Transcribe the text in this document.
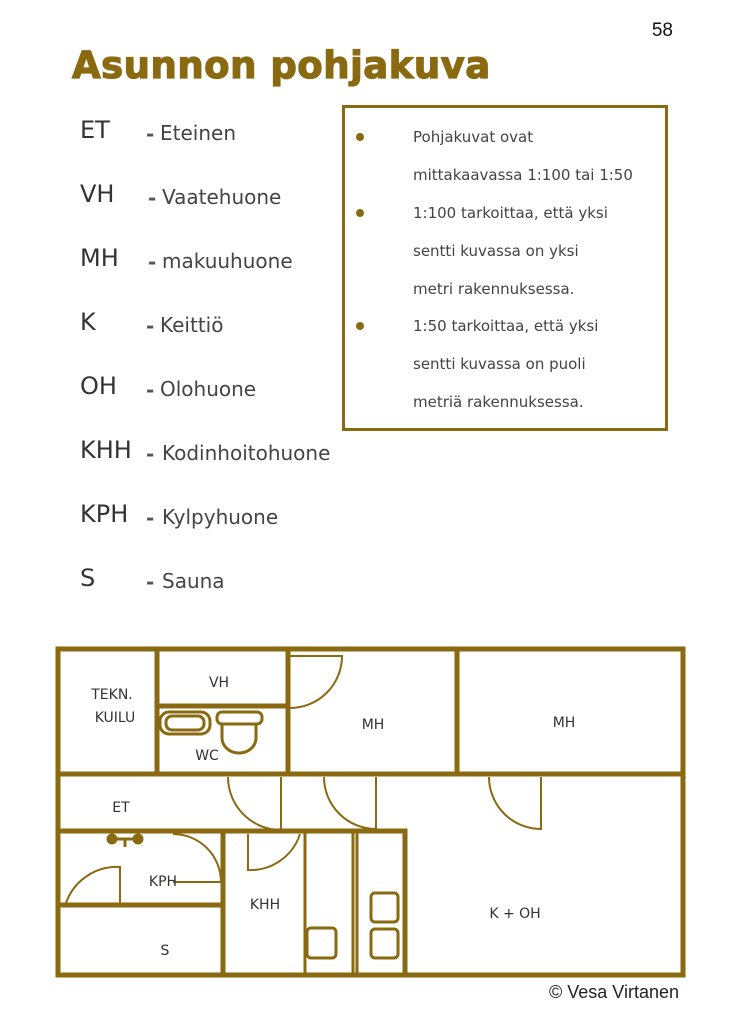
58
Asunnon pohjakuva
ET - Eteinen
VH - Vaatehuone
MH - makuuhuone
K	- Keittiö
OH - Olohuone
KHH - Kodinhoitohuone
KPH - Kylpyhuone
S	- Sauna
Pohjakuvat ovat
mittakaavassa 1:100 tai 1:50
1:100 tarkoittaa, että yksi
sentti kuvassa on yksi
metri rakennuksessa.
1:50 tarkoittaa, että yksi
sentti kuvassa on puoli
metriä rakennuksessa.
TEKN.
KUILU
VH
WC
MH	MH
ET
KPH
KHH
S
K + OH
© Vesa Virtanen
